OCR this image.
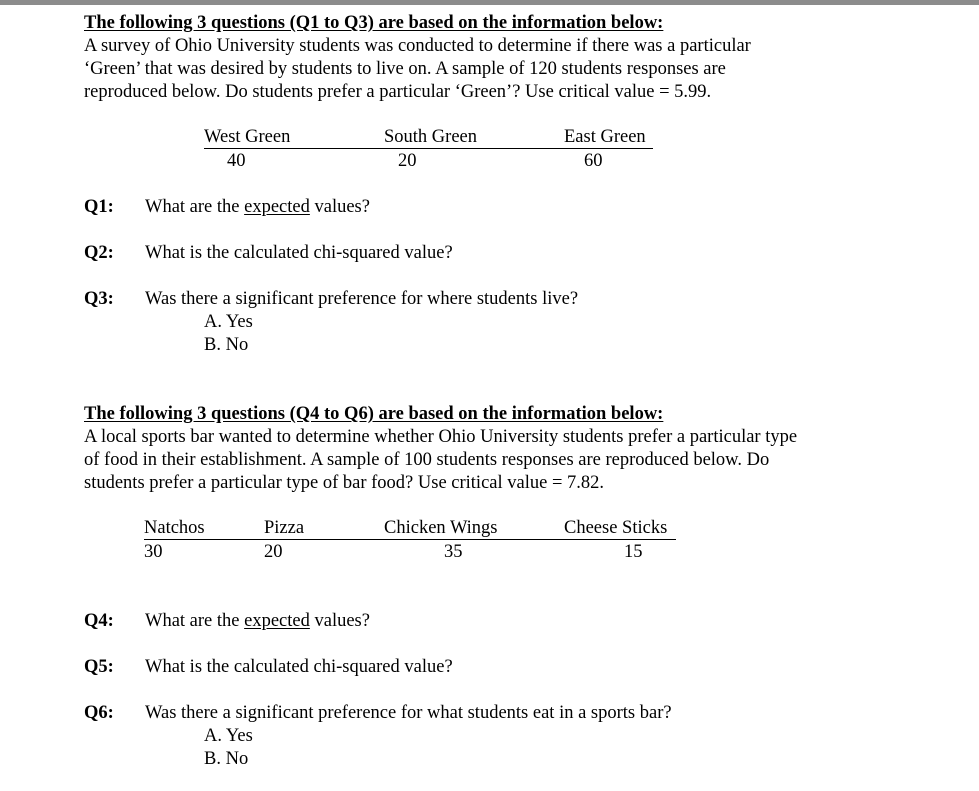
The following 3 questions (Q1 to Q3) are based on the information below:
A survey of Ohio University students was conducted to determine if there was a particular
‘Green’ that was desired by students to live on. A sample of 120 students responses are
reproduced below. Do students prefer a particular ‘Green’? Use critical value = 5.99.
West Green	South Green	East Green
40	20	60
Q1: What are the expected values?
Q2: What is the calculated chi-squared value?
Q3: Was there a significant preference for where students live?
A. Yes
B. No
The following 3 questions (Q4 to Q6) are based on the information below:
A local sports bar wanted to determine whether Ohio University students prefer a particular type
of food in their establishment. A sample of 100 students responses are reproduced below. Do
students prefer a particular type of bar food? Use critical value = 7.82.
Natchos	Pizza	Chicken Wings	Cheese Sticks
30	20	35	15
Q4: What are the expected values?
Q5: What is the calculated chi-squared value?
Q6: Was there a significant preference for what students eat in a sports bar?
A. Yes
B. No
